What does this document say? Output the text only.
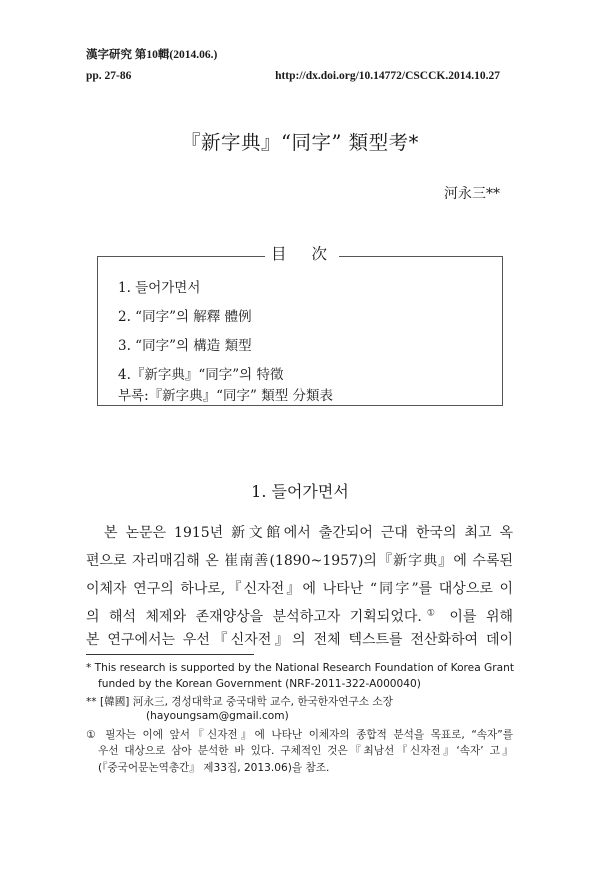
漢字研究 第10輯(2014.06.)
pp. 27-86	http://dx.doi.org/10.14772/CSCCK.2014.10.27
『新字典』“同字” 類型考*
河永三**
目 次
1. 들어가면서
2. “同字”의 解釋 體例
3. “同字”의 構造 類型
4.『新字典』“同字”의 特徵
부록:『新字典』“同字” 類型 分類表
1. 들어가면서
본 논문은 1915년 新文館에서 출간되어 근대 한국의 최고 옥
편으로 자리매김해 온 崔南善(1890~1957)의『新字典』에 수록된
이체자 연구의 하나로,『신자전』에 나타난 “同字”를 대상으로 이
의 해석 체제와 존재양상을 분석하고자 기획되었다.① 이를 위해
본 연구에서는 우선『신자전』의 전체 텍스트를 전산화하여 데이
* This research is supported by the National Research Foundation of Korea Grant
funded by the Korean Government (NRF-2011-322-A000040)
** [韓國] 河永三, 경성대학교 중국대학 교수, 한국한자연구소 소장
(hayoungsam@gmail.com)
① 필자는 이에 앞서『신자전』에 나타난 이체자의 종합적 분석을 목표로, “속자”를
우선 대상으로 삼아 분석한 바 있다. 구체적인 것은『최남선『신자전』‘속자’ 고』
(『중국어문논역총간』 제33집, 2013.06)을 참조.
